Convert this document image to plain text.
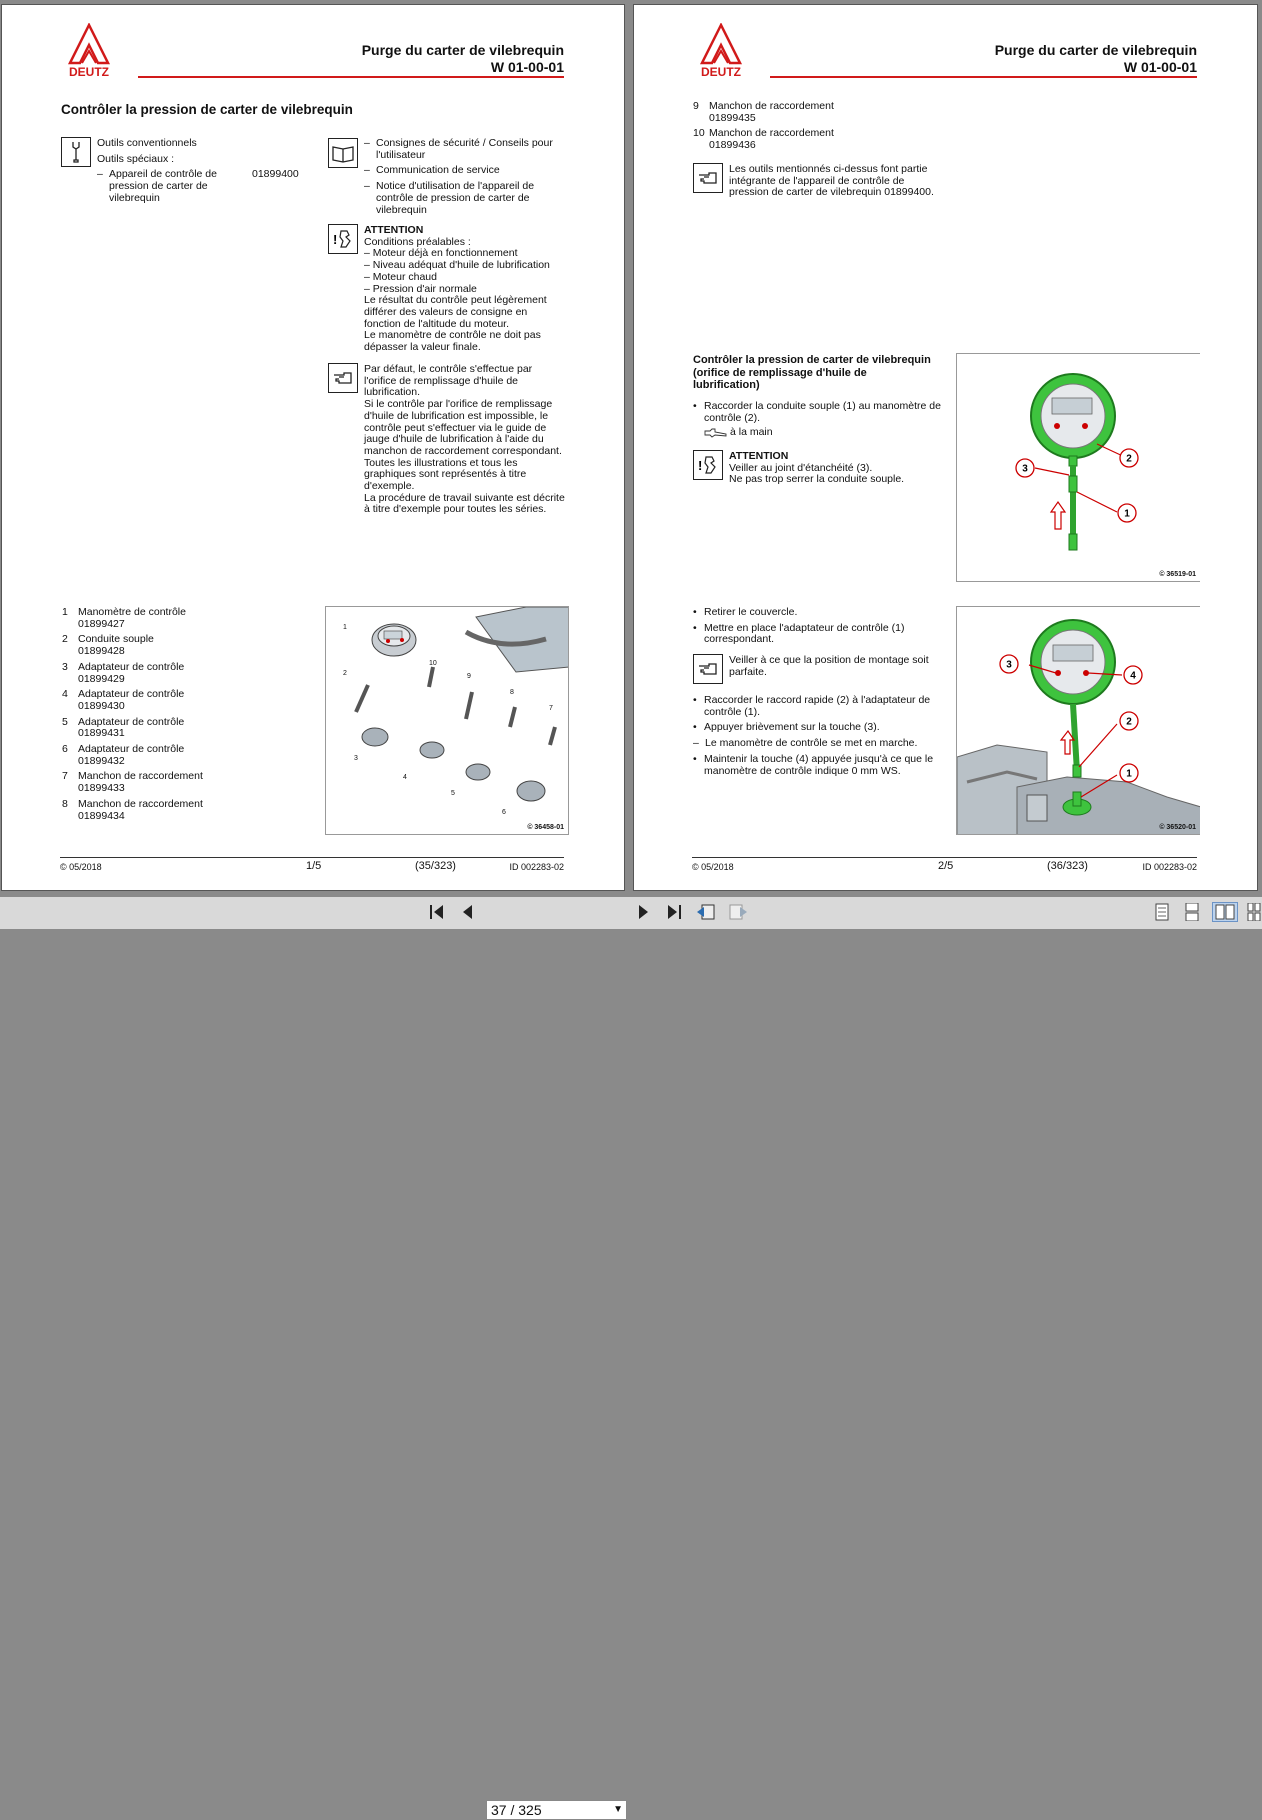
DEUTZ
Purge du carter de vilebrequin
W 01-00-01
Contrôler la pression de carter de vilebrequin
Outils conventionnels
Outils spéciaux :
– Appareil de contrôle de
pression de carter de
vilebrequin
01899400
– Consignes de sécurité / Conseils pour
l'utilisateur
– Communication de service
– Notice d'utilisation de l'appareil de
contrôle de pression de carter de
vilebrequin
!
ATTENTION
Conditions préalables :
– Moteur déjà en fonctionnement
– Niveau adéquat d'huile de lubrification
– Moteur chaud
– Pression d'air normale
Le résultat du contrôle peut légèrement
différer des valeurs de consigne en
fonction de l'altitude du moteur.
Le manomètre de contrôle ne doit pas
dépasser la valeur finale.
Par défaut, le contrôle s'effectue par
l'orifice de remplissage d'huile de
lubrification.
Si le contrôle par l'orifice de remplissage
d'huile de lubrification est impossible, le
contrôle peut s'effectuer via le guide de
jauge d'huile de lubrification à l'aide du
manchon de raccordement correspondant.
Toutes les illustrations et tous les
graphiques sont représentés à titre
d'exemple.
La procédure de travail suivante est décrite
à titre d'exemple pour toutes les séries.
1 Manomètre de contrôle
01899427
2 Conduite souple
01899428
3 Adaptateur de contrôle
01899429
4 Adaptateur de contrôle
01899430
5 Adaptateur de contrôle
01899431
6 Adaptateur de contrôle
01899432
7 Manchon de raccordement
01899433
8 Manchon de raccordement
01899434
1
2
3
4
5
6
7
8
9
10
© 36458-01
© 05/2018	1/5	(35/323)	ID 002283-02
DEUTZ
Purge du carter de vilebrequin
W 01-00-01
9 Manchon de raccordement
01899435
10 Manchon de raccordement
01899436
Les outils mentionnés ci-dessus font partie
intégrante de l'appareil de contrôle de
pression de carter de vilebrequin 01899400.
Contrôler la pression de carter de vilebrequin
(orifice de remplissage d'huile de
lubrification)
• Raccorder la conduite souple (1) au manomètre de
contrôle (2).
à la main
!
ATTENTION
Veiller au joint d'étanchéité (3).
Ne pas trop serrer la conduite souple.
1
2
3
© 36519-01
• Retirer le couvercle.
• Mettre en place l'adaptateur de contrôle (1)
correspondant.
Veiller à ce que la position de montage soit
parfaite.
• Raccorder le raccord rapide (2) à l'adaptateur de
contrôle (1).
• Appuyer brièvement sur la touche (3).
– Le manomètre de contrôle se met en marche.
• Maintenir la touche (4) appuyée jusqu'à ce que le
manomètre de contrôle indique 0 mm WS.	1
2
3
4
© 36520-01
© 05/2018	2/5	(36/323)	ID 002283-02
37 / 325	▼
